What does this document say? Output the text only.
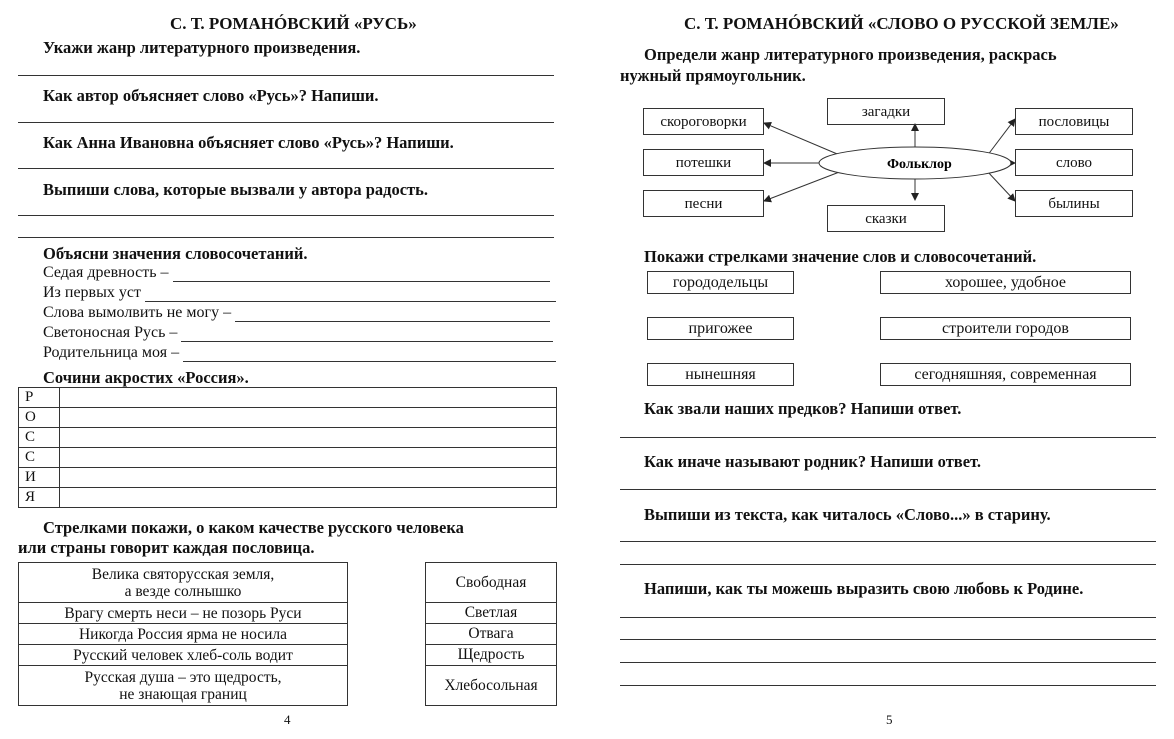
С. Т. РОМАНÓВСКИЙ «РУСЬ»
Укажи жанр литературного произведения.
Как автор объясняет слово «Русь»? Напиши.
Как Анна Ивановна объясняет слово «Русь»? Напиши.
Выпиши слова, которые вызвали у автора радость.
Объясни значения словосочетаний.
Седая древность –
Из первых уст
Слова вымолвить не могу –
Светоносная Русь –
Родительница моя –
Сочини акростих «Россия».
Р	
О	
С	
С	
И	
Я	
Стрелками покажи, о каком качестве русского человека
или страны говорит каждая пословица.
Велика святорусская земля,
а везде солнышко

Врагу смерть неси – не позорь Руси

Никогда Россия ярма не носила

Русский человек хлеб-соль водит

Русская душа – это щедрость,
не знающая границ
Свободная
Светлая
Отвага
Щедрость
Хлебосольная
4
С. Т. РОМАНÓВСКИЙ «СЛОВО О РУССКОЙ ЗЕМЛЕ»
Определи жанр литературного произведения, раскрась
нужный прямоугольник.
Фольклор
загадки
сказки
скороговорки
потешки
песни
пословицы
слово
былины
Покажи стрелками значение слов и словосочетаний.
горододельцы
пригожее
нынешняя
хорошее, удобное
строители городов
сегодняшняя, современная
Как звали наших предков? Напиши ответ.
Как иначе называют родник? Напиши ответ.
Выпиши из текста, как читалось «Слово...» в старину.
Напиши, как ты можешь выразить свою любовь к Родине.
5
